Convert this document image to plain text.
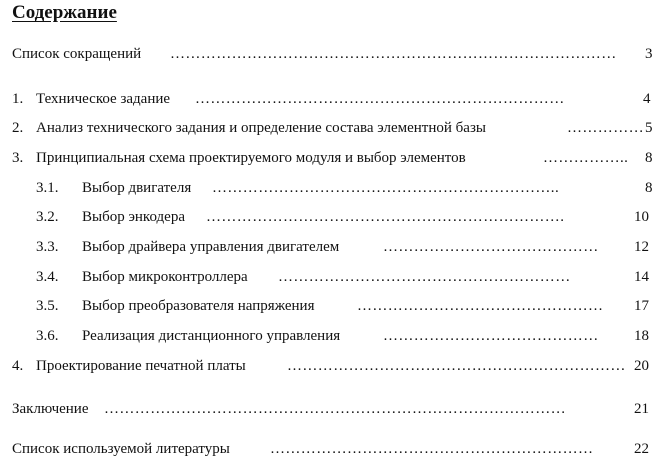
Содержание
Список сокращений ……………………………………………………………………………	3
1. Техническое задание ………………………………………………………………	4
2. Анализ технического задания и определение состава элементной базы	…………… 5
3. Принципиальная схема проектируемого модуля и выбор элементов	……………..	8
3.1. Выбор двигателя …………………………………………………………..	8
3.2. Выбор энкодера …………………………………………………………….	10
3.3. Выбор драйвера управления двигателем	……………………………………	12
3.4. Выбор микроконтроллера …………………………………………………	14
3.5. Выбор преобразователя напряжения	…………………………………………	17
3.6. Реализация дистанционного управления	……………………………………	18
4. Проектирование печатной платы	………………………………………………………… 20
Заключение ………………………………………………………………………………	21
Список используемой литературы	………………………………………………………	22
